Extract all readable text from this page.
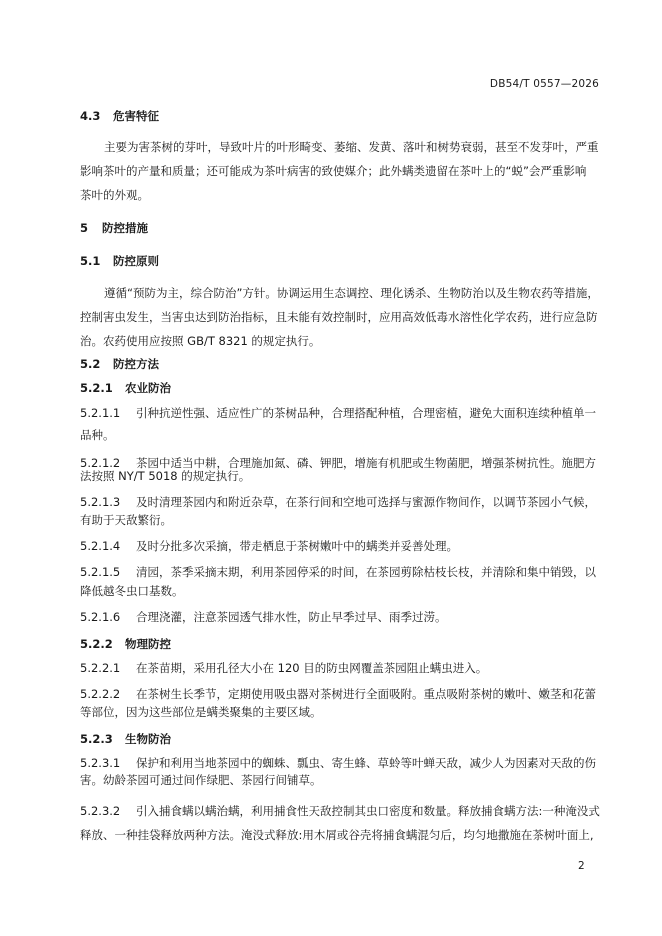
DB54/T 0557—2026
4.3 危害特征
主要为害茶树的芽叶，导致叶片的叶形畸变、萎缩、发黄、落叶和树势衰弱，甚至不发芽叶，严重
影响茶叶的产量和质量；还可能成为茶叶病害的致使媒介；此外螨类遗留在茶叶上的“蜕”会严重影响
茶叶的外观。
5 防控措施
5.1 防控原则
遵循“预防为主，综合防治”方针。协调运用生态调控、理化诱杀、生物防治以及生物农药等措施，
控制害虫发生，当害虫达到防治指标，且未能有效控制时，应用高效低毒水溶性化学农药，进行应急防
治。农药使用应按照 GB/T 8321 的规定执行。
5.2 防控方法
5.2.1 农业防治
5.2.1.1 引种抗逆性强、适应性广的茶树品种，合理搭配种植，合理密植，避免大面积连续种植单一
品种。
5.2.1.2 茶园中适当中耕，合理施加氮、磷、钾肥，增施有机肥或生物菌肥，增强茶树抗性。施肥方
法按照 NY/T 5018 的规定执行。
5.2.1.3 及时清理茶园内和附近杂草，在茶行间和空地可选择与蜜源作物间作，以调节茶园小气候，
有助于天敌繁衍。
5.2.1.4 及时分批多次采摘，带走栖息于茶树嫩叶中的螨类并妥善处理。
5.2.1.5 清园，茶季采摘末期，利用茶园停采的时间，在茶园剪除枯枝长枝，并清除和集中销毁，以
降低越冬虫口基数。
5.2.1.6 合理浇灌，注意茶园透气排水性，防止早季过早、雨季过涝。
5.2.2 物理防控
5.2.2.1 在茶苗期，采用孔径大小在 120 目的防虫网覆盖茶园阻止螨虫进入。
5.2.2.2 在茶树生长季节，定期使用吸虫器对茶树进行全面吸附。重点吸附茶树的嫩叶、嫩茎和花蕾
等部位，因为这些部位是螨类聚集的主要区域。
5.2.3 生物防治
5.2.3.1 保护和利用当地茶园中的蜘蛛、瓢虫、寄生蜂、草蛉等叶蝉天敌，减少人为因素对天敌的伤
害。幼龄茶园可通过间作绿肥、茶园行间铺草。
5.2.3.2 引入捕食螨以螨治螨，利用捕食性天敌控制其虫口密度和数量。释放捕食螨方法:一种淹没式
释放、一种挂袋释放两种方法。淹没式释放:用木屑或谷壳将捕食螨混匀后，均匀地撒施在茶树叶面上,
2
